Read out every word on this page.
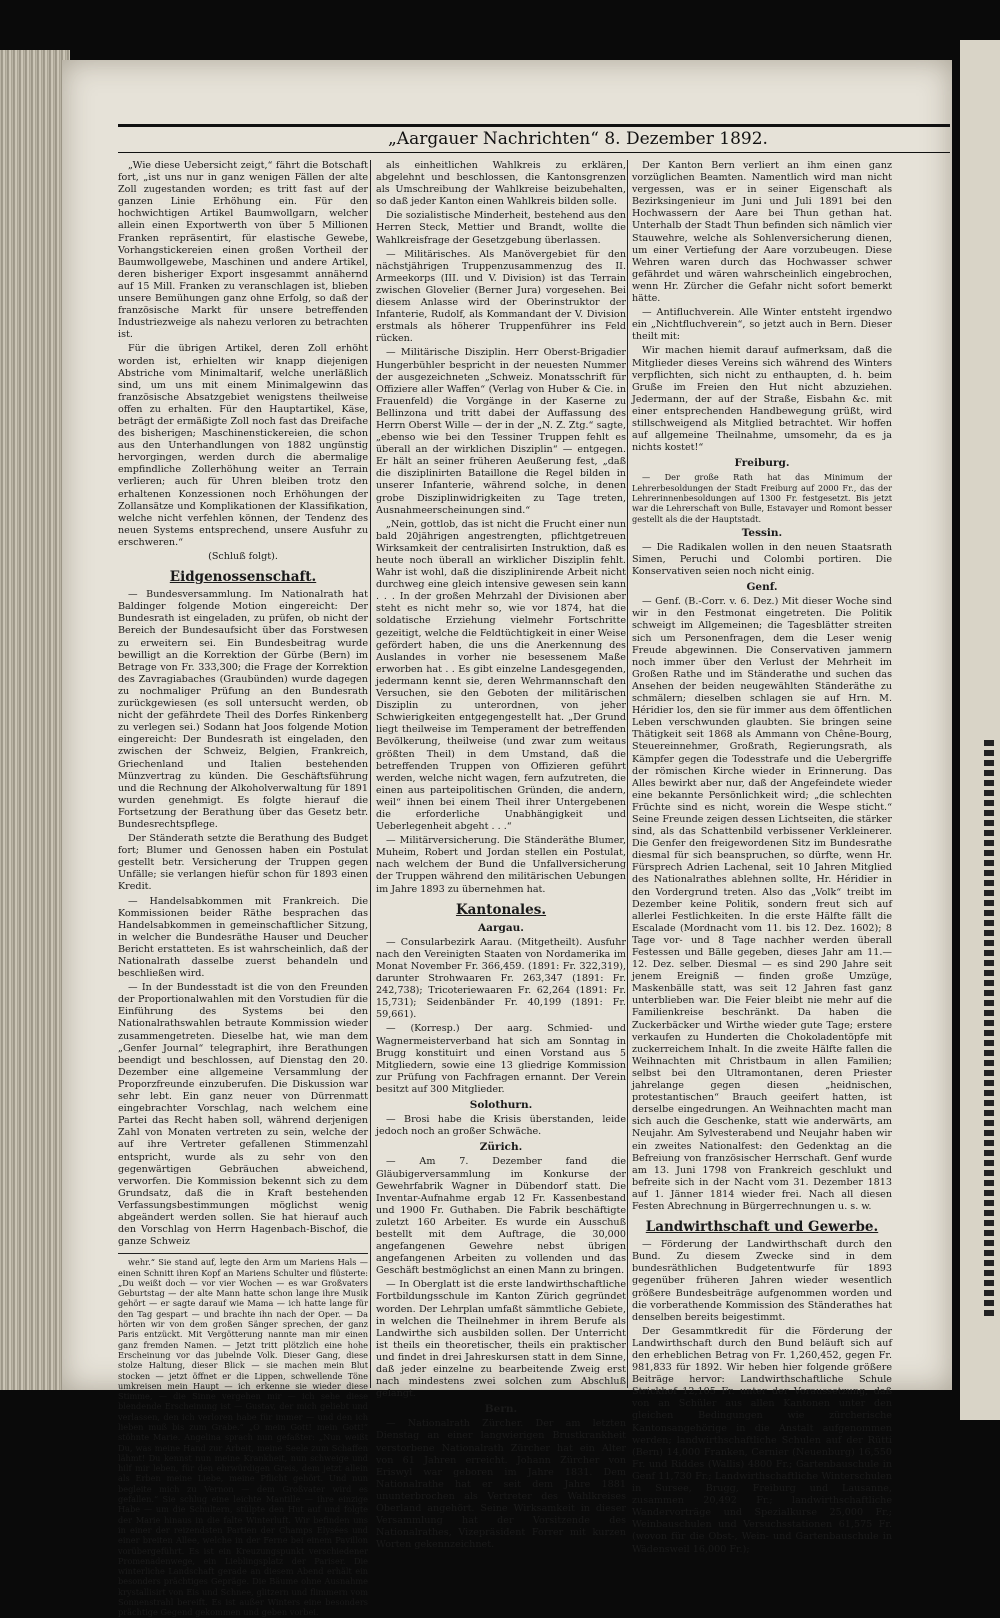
„Aargauer Nachrichten“ 8. Dezember 1892.

„Wie diese Uebersicht zeigt,“ fährt die Botschaft fort, „ist uns nur in ganz wenigen Fällen der alte Zoll zugestanden worden; es tritt fast auf der ganzen Linie Erhöhung ein. Für den hochwichtigen Artikel Baumwollgarn, welcher allein einen Exportwerth von über 5 Millionen Franken repräsentirt, für elastische Gewebe, Vorhangstickereien einen großen Vortheil der Baumwollgewebe, Maschinen und andere Artikel, deren bisheriger Export insgesammt annähernd auf 15 Mill. Franken zu veranschlagen ist, blieben unsere Bemühungen ganz ohne Erfolg, so daß der französische Markt für unsere betreffenden Industriezweige als nahezu verloren zu betrachten ist.

Für die übrigen Artikel, deren Zoll erhöht worden ist, erhielten wir knapp diejenigen Abstriche vom Minimaltarif, welche unerläßlich sind, um uns mit einem Minimalgewinn das französische Absatzgebiet wenigstens theilweise offen zu erhalten. Für den Hauptartikel, Käse, beträgt der ermäßigte Zoll noch fast das Dreifache des bisherigen; Maschinenstickereien, die schon aus den Unterhandlungen von 1882 ungünstig hervorgingen, werden durch die abermalige empfindliche Zollerhöhung weiter an Terrain verlieren; auch für Uhren bleiben trotz den erhaltenen Konzessionen noch Erhöhungen der Zollansätze und Komplikationen der Klassifikation, welche nicht verfehlen können, der Tendenz des neuen Systems entsprechend, unsere Ausfuhr zu erschweren.“

(Schluß folgt).
Eidgenossenschaft.

— Bundesversammlung. Im Nationalrath hat Baldinger folgende Motion eingereicht: Der Bundesrath ist eingeladen, zu prüfen, ob nicht der Bereich der Bundesaufsicht über das Forstwesen zu erweitern sei. Ein Bundesbeitrag wurde bewilligt an die Korrektion der Gürbe (Bern) im Betrage von Fr. 333,300; die Frage der Korrektion des Zavragiabaches (Graubünden) wurde dagegen zu nochmaliger Prüfung an den Bundesrath zurückgewiesen (es soll untersucht werden, ob nicht der gefährdete Theil des Dorfes Rinkenberg zu verlegen sei.) Sodann hat Joos folgende Motion eingereicht: Der Bundesrath ist eingeladen, den zwischen der Schweiz, Belgien, Frankreich, Griechenland und Italien bestehenden Münzvertrag zu künden. Die Geschäftsführung und die Rechnung der Alkoholverwaltung für 1891 wurden genehmigt. Es folgte hierauf die Fortsetzung der Berathung über das Gesetz betr. Bundesrechtspflege.

Der Ständerath setzte die Berathung des Budget fort; Blumer und Genossen haben ein Postulat gestellt betr. Versicherung der Truppen gegen Unfälle; sie verlangen hiefür schon für 1893 einen Kredit.

— Handelsabkommen mit Frankreich. Die Kommissionen beider Räthe besprachen das Handelsabkommen in gemeinschaftlicher Sitzung, in welcher die Bundesräthe Hauser und Deucher Bericht erstatteten. Es ist wahrscheinlich, daß der Nationalrath dasselbe zuerst behandeln und beschließen wird.

— In der Bundesstadt ist die von den Freunden der Proportionalwahlen mit den Vorstudien für die Einführung des Systems bei den Nationalrathswahlen betraute Kommission wieder zusammengetreten. Dieselbe hat, wie man dem „Genfer Journal“ telegraphirt, ihre Berathungen beendigt und beschlossen, auf Dienstag den 20. Dezember eine allgemeine Versammlung der Proporzfreunde einzuberufen. Die Diskussion war sehr lebt. Ein ganz neuer von Dürrenmatt eingebrachter Vorschlag, nach welchem eine Partei das Recht haben soll, während derjenigen Zahl von Monaten vertreten zu sein, welche der auf ihre Vertreter gefallenen Stimmenzahl entspricht, wurde als zu sehr von den gegenwärtigen Gebräuchen abweichend, verworfen. Die Kommission bekennt sich zu dem Grundsatz, daß die in Kraft bestehenden Verfassungsbestimmungen möglichst wenig abgeändert werden sollen. Sie hat hierauf auch den Vorschlag von Herrn Hagenbach-Bischof, die ganze Schweiz

wehr.“ Sie stand auf, legte den Arm um Mariens Hals — einen Schnitt ihren Kopf an Mariens Schulter und flüsterte: „Du weißt doch — vor vier Wochen — es war Großvaters Geburtstag — der alte Mann hatte schon lange ihre Musik gehört — er sagte darauf wie Mama — ich hatte lange für den Tag gespart — und brachte ihn nach der Oper. — Da hörten wir von dem großen Sänger sprechen, der ganz Paris entzückt. Mit Vergötterung nannte man mir einen ganz fremden Namen. — Jetzt tritt plötzlich eine hohe Erscheinung vor das jubelnde Volk. Dieser Gang, diese stolze Haltung, dieser Blick — sie machen mein Blut stocken — jetzt öffnet er die Lippen, schwellende Töne umkreisen mein Haupt — ich erkenne sie wieder diese Stimme, — die Sinne vergehen mir — ich sehe diese blendende Erscheinung ist — Gustav, der mich geliebt und verlassen, den ich verloren habe für immer — und den ich lieben muß bis zum Grabe.“ „O mein Gott! mein Gott!“ stöhnte Marie. Angelina sprach nun gefaßter: „Nun weißt Du, was meine Hand zur Arbeit, meine Seele zum Schaffen lähmt! Du kennst nun meine Krankheit, nun schweige und hilf mir leben, für den ehrwürdigen Greis, dem jetzt allein als Erben meine Liebe, meine Pflicht gehört. Und nun begleite mich zu Vernon — dem Großvater wird es gefallen.“ Sie schlug eine leichte Mantille — ihre einzige Habe — um die Schultern, stülpte den Hut auf und folgte der Marie hinaus in die falte Winterluft. Wir befinden uns in einer der reizendsten Partien der Champs Elysées und einer breiten Allee, welche in der Ferne bei einem Pavillon vorübergeführt. Es ist ein Kreuzungspunkt verschiedener Promenadenwege, ein Lieblingsplatz der Pariser. Die winterliche Landschaft gerade an diesem Abend erhält ein besonders prächtiges Gepräge. Die Bäume ohne Ausnahme krystallisirt von Eis und Schnee, glitzern und flimmern vom Sonnenstrahl bereift. Es ist außer Winters eine besonders prächtige Gegend gekommen und geben vorbei.

als einheitlichen Wahlkreis zu erklären, abgelehnt und beschlossen, die Kantonsgrenzen als Umschreibung der Wahlkreise beizubehalten, so daß jeder Kanton einen Wahlkreis bilden solle.

Die sozialistische Minderheit, bestehend aus den Herren Steck, Mettier und Brandt, wollte die Wahlkreisfrage der Gesetzgebung überlassen.

— Militärisches. Als Manövergebiet für den nächstjährigen Truppenzusammenzug des II. Armeekorps (III. und V. Division) ist das Terrain zwischen Glovelier (Berner Jura) vorgesehen. Bei diesem Anlasse wird der Oberinstruktor der Infanterie, Rudolf, als Kommandant der V. Division erstmals als höherer Truppenführer ins Feld rücken.

— Militärische Disziplin. Herr Oberst-Brigadier Hungerbühler bespricht in der neuesten Nummer der ausgezeichneten „Schweiz. Monatsschrift für Offiziere aller Waffen“ (Verlag von Huber & Cie. in Frauenfeld) die Vorgänge in der Kaserne zu Bellinzona und tritt dabei der Auffassung des Herrn Oberst Wille — der in der „N. Z. Ztg.“ sagte, „ebenso wie bei den Tessiner Truppen fehlt es überall an der wirklichen Disziplin“ — entgegen. Er hält an seiner früheren Aeußerung fest, „daß die disziplinirten Bataillone die Regel bilden in unserer Infanterie, während solche, in denen grobe Disziplinwidrigkeiten zu Tage treten, Ausnahmeerscheinungen sind.“

„Nein, gottlob, das ist nicht die Frucht einer nun bald 20jährigen angestrengten, pflichtgetreuen Wirksamkeit der centralisirten Instruktion, daß es heute noch überall an wirklicher Disziplin fehlt. Wahr ist wohl, daß die disziplinirende Arbeit nicht durchweg eine gleich intensive gewesen sein kann . . . In der großen Mehrzahl der Divisionen aber steht es nicht mehr so, wie vor 1874, hat die soldatische Erziehung vielmehr Fortschritte gezeitigt, welche die Feldtüchtigkeit in einer Weise gefördert haben, die uns die Anerkennung des Auslandes in vorher nie besessenem Maße erworben hat . . Es gibt einzelne Landesgegenden, jedermann kennt sie, deren Wehrmannschaft den Versuchen, sie den Geboten der militärischen Disziplin zu unterordnen, von jeher Schwierigkeiten entgegengestellt hat. „Der Grund liegt theilweise im Temperament der betreffenden Bevölkerung, theilweise (und zwar zum weitaus größten Theil) in dem Umstand, daß die betreffenden Truppen von Offizieren geführt werden, welche nicht wagen, fern aufzutreten, die einen aus parteipolitischen Gründen, die andern, weil“ ihnen bei einem Theil ihrer Untergebenen die erforderliche Unabhängigkeit und Ueberlegenheit abgeht . . .“

— Militärversicherung. Die Ständeräthe Blumer, Muheim, Robert und Jordan stellen ein Postulat, nach welchem der Bund die Unfallversicherung der Truppen während den militärischen Uebungen im Jahre 1893 zu übernehmen hat.

Kantonales.
Aargau.

— Consularbezirk Aarau. (Mitgetheilt). Ausfuhr nach den Vereinigten Staaten von Nordamerika im Monat November Fr. 366,459. (1891: Fr. 322,319), darunter Strohwaaren Fr. 263,347 (1891: Fr. 242,738); Tricoteriewaaren Fr. 62,264 (1891: Fr. 15,731); Seidenbänder Fr. 40,199 (1891: Fr. 59,661).

— (Korresp.) Der aarg. Schmied- und Wagnermeisterverband hat sich am Sonntag in Brugg konstituirt und einen Vorstand aus 5 Mitgliedern, sowie eine 13 gliedrige Kommission zur Prüfung von Fachfragen ernannt. Der Verein besitzt auf 300 Mitglieder.

Solothurn.

— Brosi habe die Krisis überstanden, leide jedoch noch an großer Schwäche.

Zürich.

— Am 7. Dezember fand die Gläubigerversammlung im Konkurse der Gewehrfabrik Wagner in Dübendorf statt. Die Inventar-Aufnahme ergab 12 Fr. Kassenbestand und 1900 Fr. Guthaben. Die Fabrik beschäftigte zuletzt 160 Arbeiter. Es wurde ein Ausschuß bestellt mit dem Auftrage, die 30,000 angefangenen Gewehre nebst übrigen angefangenen Arbeiten zu vollenden und das Geschäft bestmöglichst an einen Mann zu bringen.

— In Oberglatt ist die erste landwirthschaftliche Fortbildungsschule im Kanton Zürich gegründet worden. Der Lehrplan umfaßt sämmtliche Gebiete, in welchen die Theilnehmer in ihrem Berufe als Landwirthe sich ausbilden sollen. Der Unterricht ist theils ein theoretischer, theils ein praktischer und findet in drei Jahreskursen statt in dem Sinne, daß jeder einzelne zu bearbeitende Zweig erst nach mindestens zwei solchen zum Abschluß gelangt.

Bern.

— Nationalrath Zürcher. Der am letzten Dienstag an einer langwierigen Brustkrankheit verstorbene Nationalrath Zürcher hat ein Alter von 61 Jahren erreicht. Johann Zürcher von Eriswyl war geboren im Jahre 1831. Dem Nationalrathe hat er seit dem Jahre 1881 ununterbrochen als Vertreter des Wahlkreises Oberland angehört. Seine Wirksamkeit in dieser Versammlung hat der Vorsitzende des Nationalrathes, Vizepräsident Forrer mit kurzen Worten gekennzeichnet.

Der Kanton Bern verliert an ihm einen ganz vorzüglichen Beamten. Namentlich wird man nicht vergessen, was er in seiner Eigenschaft als Bezirksingenieur im Juni und Juli 1891 bei den Hochwassern der Aare bei Thun gethan hat. Unterhalb der Stadt Thun befinden sich nämlich vier Stauwehre, welche als Sohlenversicherung dienen, um einer Vertiefung der Aare vorzubeugen. Diese Wehren waren durch das Hochwasser schwer gefährdet und wären wahrscheinlich eingebrochen, wenn Hr. Zürcher die Gefahr nicht sofort bemerkt hätte.

— Antifluchverein. Alle Winter entsteht irgendwo ein „Nichtfluchverein“, so jetzt auch in Bern. Dieser theilt mit:

Wir machen hiemit darauf aufmerksam, daß die Mitglieder dieses Vereins sich während des Winters verpflichten, sich nicht zu enthaupten, d. h. beim Gruße im Freien den Hut nicht abzuziehen. Jedermann, der auf der Straße, Eisbahn &c. mit einer entsprechenden Handbewegung grüßt, wird stillschweigend als Mitglied betrachtet. Wir hoffen auf allgemeine Theilnahme, umsomehr, da es ja nichts kostet!“

Freiburg.

— Der große Rath hat das Minimum der Lehrerbesoldungen der Stadt Freiburg auf 2000 Fr., das der Lehrerinnenbesoldungen auf 1300 Fr. festgesetzt. Bis jetzt war die Lehrerschaft von Bulle, Estavayer und Romont besser gestellt als die der Hauptstadt.

Tessin.

— Die Radikalen wollen in den neuen Staatsrath Simen, Peruchi und Colombi portiren. Die Konservativen seien noch nicht einig.

Genf.

— Genf. (B.-Corr. v. 6. Dez.) Mit dieser Woche sind wir in den Festmonat eingetreten. Die Politik schweigt im Allgemeinen; die Tagesblätter streiten sich um Personenfragen, dem die Leser wenig Freude abgewinnen. Die Conservativen jammern noch immer über den Verlust der Mehrheit im Großen Rathe und im Ständerathe und suchen das Ansehen der beiden neugewählten Ständeräthe zu schmälern; dieselben schlagen sie auf Hrn. M. Héridier los, den sie für immer aus dem öffentlichen Leben verschwunden glaubten. Sie bringen seine Thätigkeit seit 1868 als Ammann von Chêne-Bourg, Steuereinnehmer, Großrath, Regierungsrath, als Kämpfer gegen die Todesstrafe und die Uebergriffe der römischen Kirche wieder in Erinnerung. Das Alles bewirkt aber nur, daß der Angefeindete wieder eine bekannte Persönlichkeit wird; „die schlechten Früchte sind es nicht, worein die Wespe sticht.“ Seine Freunde zeigen dessen Lichtseiten, die stärker sind, als das Schattenbild verbissener Verkleinerer. Die Genfer den freigewordenen Sitz im Bundesrathe diesmal für sich beanspruchen, so dürfte, wenn Hr. Fürsprech Adrien Lachenal, seit 10 Jahren Mitglied des Nationalrathes ablehnen sollte, Hr. Héridier in den Vordergrund treten. Also das „Volk“ treibt im Dezember keine Politik, sondern freut sich auf allerlei Festlichkeiten. In die erste Hälfte fällt die Escalade (Mordnacht vom 11. bis 12. Dez. 1602); 8 Tage vor- und 8 Tage nachher werden überall Festessen und Bälle gegeben, dieses Jahr am 11.—12. Dez. selber. Diesmal — es sind 290 Jahre seit jenem Ereigniß — finden große Umzüge, Maskenbälle statt, was seit 12 Jahren fast ganz unterblieben war. Die Feier bleibt nie mehr auf die Familienkreise beschränkt. Da haben die Zuckerbäcker und Wirthe wieder gute Tage; erstere verkaufen zu Hunderten die Chokoladentöpfe mit zuckerreichem Inhalt. In die zweite Hälfte fallen die Weihnachten mit Christbaum in allen Familien; selbst bei den Ultramontanen, deren Priester jahrelange gegen diesen „heidnischen, protestantischen“ Brauch geeifert hatten, ist derselbe eingedrungen. An Weihnachten macht man sich auch die Geschenke, statt wie anderwärts, am Neujahr. Am Sylvesterabend und Neujahr haben wir ein zweites Nationalfest: den Gedenktag an die Befreiung von französischer Herrschaft. Genf wurde am 13. Juni 1798 von Frankreich geschlukt und befreite sich in der Nacht vom 31. Dezember 1813 auf 1. Jänner 1814 wieder frei. Nach all diesen Festen Abrechnung in Bürgerrechnungen u. s. w.

Landwirthschaft und Gewerbe.

— Förderung der Landwirthschaft durch den Bund. Zu diesem Zwecke sind in dem bundesräthlichen Budgetentwurfe für 1893 gegenüber früheren Jahren wieder wesentlich größere Bundesbeiträge aufgenommen worden und die vorberathende Kommission des Ständerathes hat denselben bereits beigestimmt.

Der Gesammtkredit für die Förderung der Landwirthschaft durch den Bund beläuft sich auf den erheblichen Betrag von Fr. 1,260,452, gegen Fr. 981,833 für 1892. Wir heben hier folgende größere Beiträge hervor: Landwirthschaftliche Schule Strickhof 12,105 Fr. unter der Voraussetzung, daß von an Schüler aus allen Kantonen unter den gleichen Bedingungen wie zürcherische Kantonsangehörige in die Anstalt aufgenommen werden; landwirthschaftliche Schulen auf der Rütti (Bern) 14,000 Franken, Cernier (Neuenburg) 16,550 Fr. und Riddes (Wallis) 4800 Fr.; Gartenbauschule in Genf 11,730 Fr.; Landwirthschaftliche Winterschulen in Sursee, Brugg, Freiburg und Lausanne, zusammen 20,492 Fr.; landwirthschaftliche Wandervorträge und Spezialkurse 25,000 Fr.; Weinbauschulen und Versuchsstationen 61,575 Fr. (wovon für die Obst-, Wein- und Gartenbauschule in Wädensweil 16,000 Fr.);
